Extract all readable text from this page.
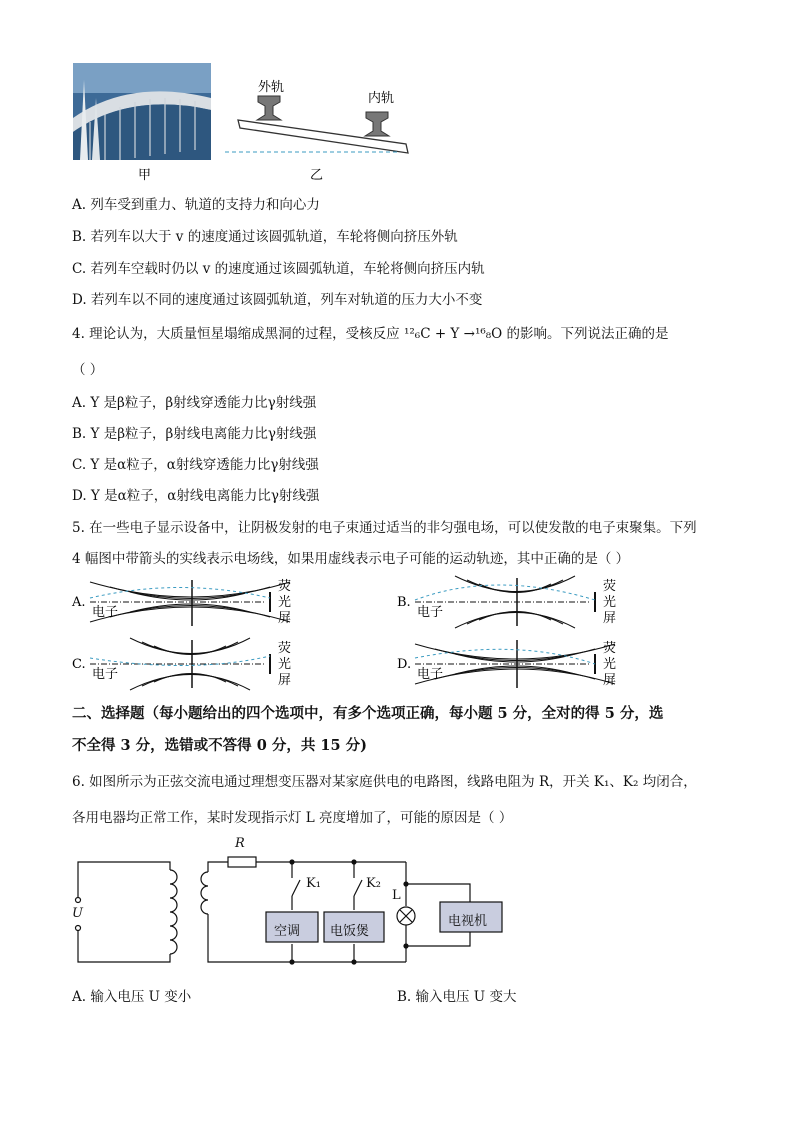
外轨
内轨
甲	乙
A. 列车受到重力、轨道的支持力和向心力
B. 若列车以大于 v 的速度通过该圆弧轨道，车轮将侧向挤压外轨
C. 若列车空载时仍以 v 的速度通过该圆弧轨道，车轮将侧向挤压内轨
D. 若列车以不同的速度通过该圆弧轨道，列车对轨道的压力大小不变
4. 理论认为，大质量恒星塌缩成黑洞的过程，受核反应 ¹²₆C + Y →¹⁶₈O 的影响。下列说法正确的是
（ ）
A. Y 是β粒子，β射线穿透能力比γ射线强
B. Y 是β粒子，β射线电离能力比γ射线强
C. Y 是α粒子，α射线穿透能力比γ射线强
D. Y 是α粒子，α射线电离能力比γ射线强
5. 在一些电子显示设备中，让阴极发射的电子束通过适当的非匀强电场，可以使发散的电子束聚集。下列
4 幅图中带箭头的实线表示电场线，如果用虚线表示电子可能的运动轨迹，其中正确的是（ ）
A.
电子
荧
光
屏
B.
电子
荧
光
屏
C.
电子
荧
光
屏
D.
电子
荧
光
屏
二、选择题（每小题给出的四个选项中，有多个选项正确，每小题 5 分，全对的得 5 分，选
不全得 3 分，选错或不答得 0 分，共 15 分)
6. 如图所示为正弦交流电通过理想变压器对某家庭供电的电路图，线路电阻为 R，开关 K₁、K₂ 均闭合，
各用电器均正常工作，某时发现指示灯 L 亮度增加了，可能的原因是（ ）
R
U
K₁	K₂
L
空调 电饭煲
电视机
A. 输入电压 U 变小	B. 输入电压 U 变大
